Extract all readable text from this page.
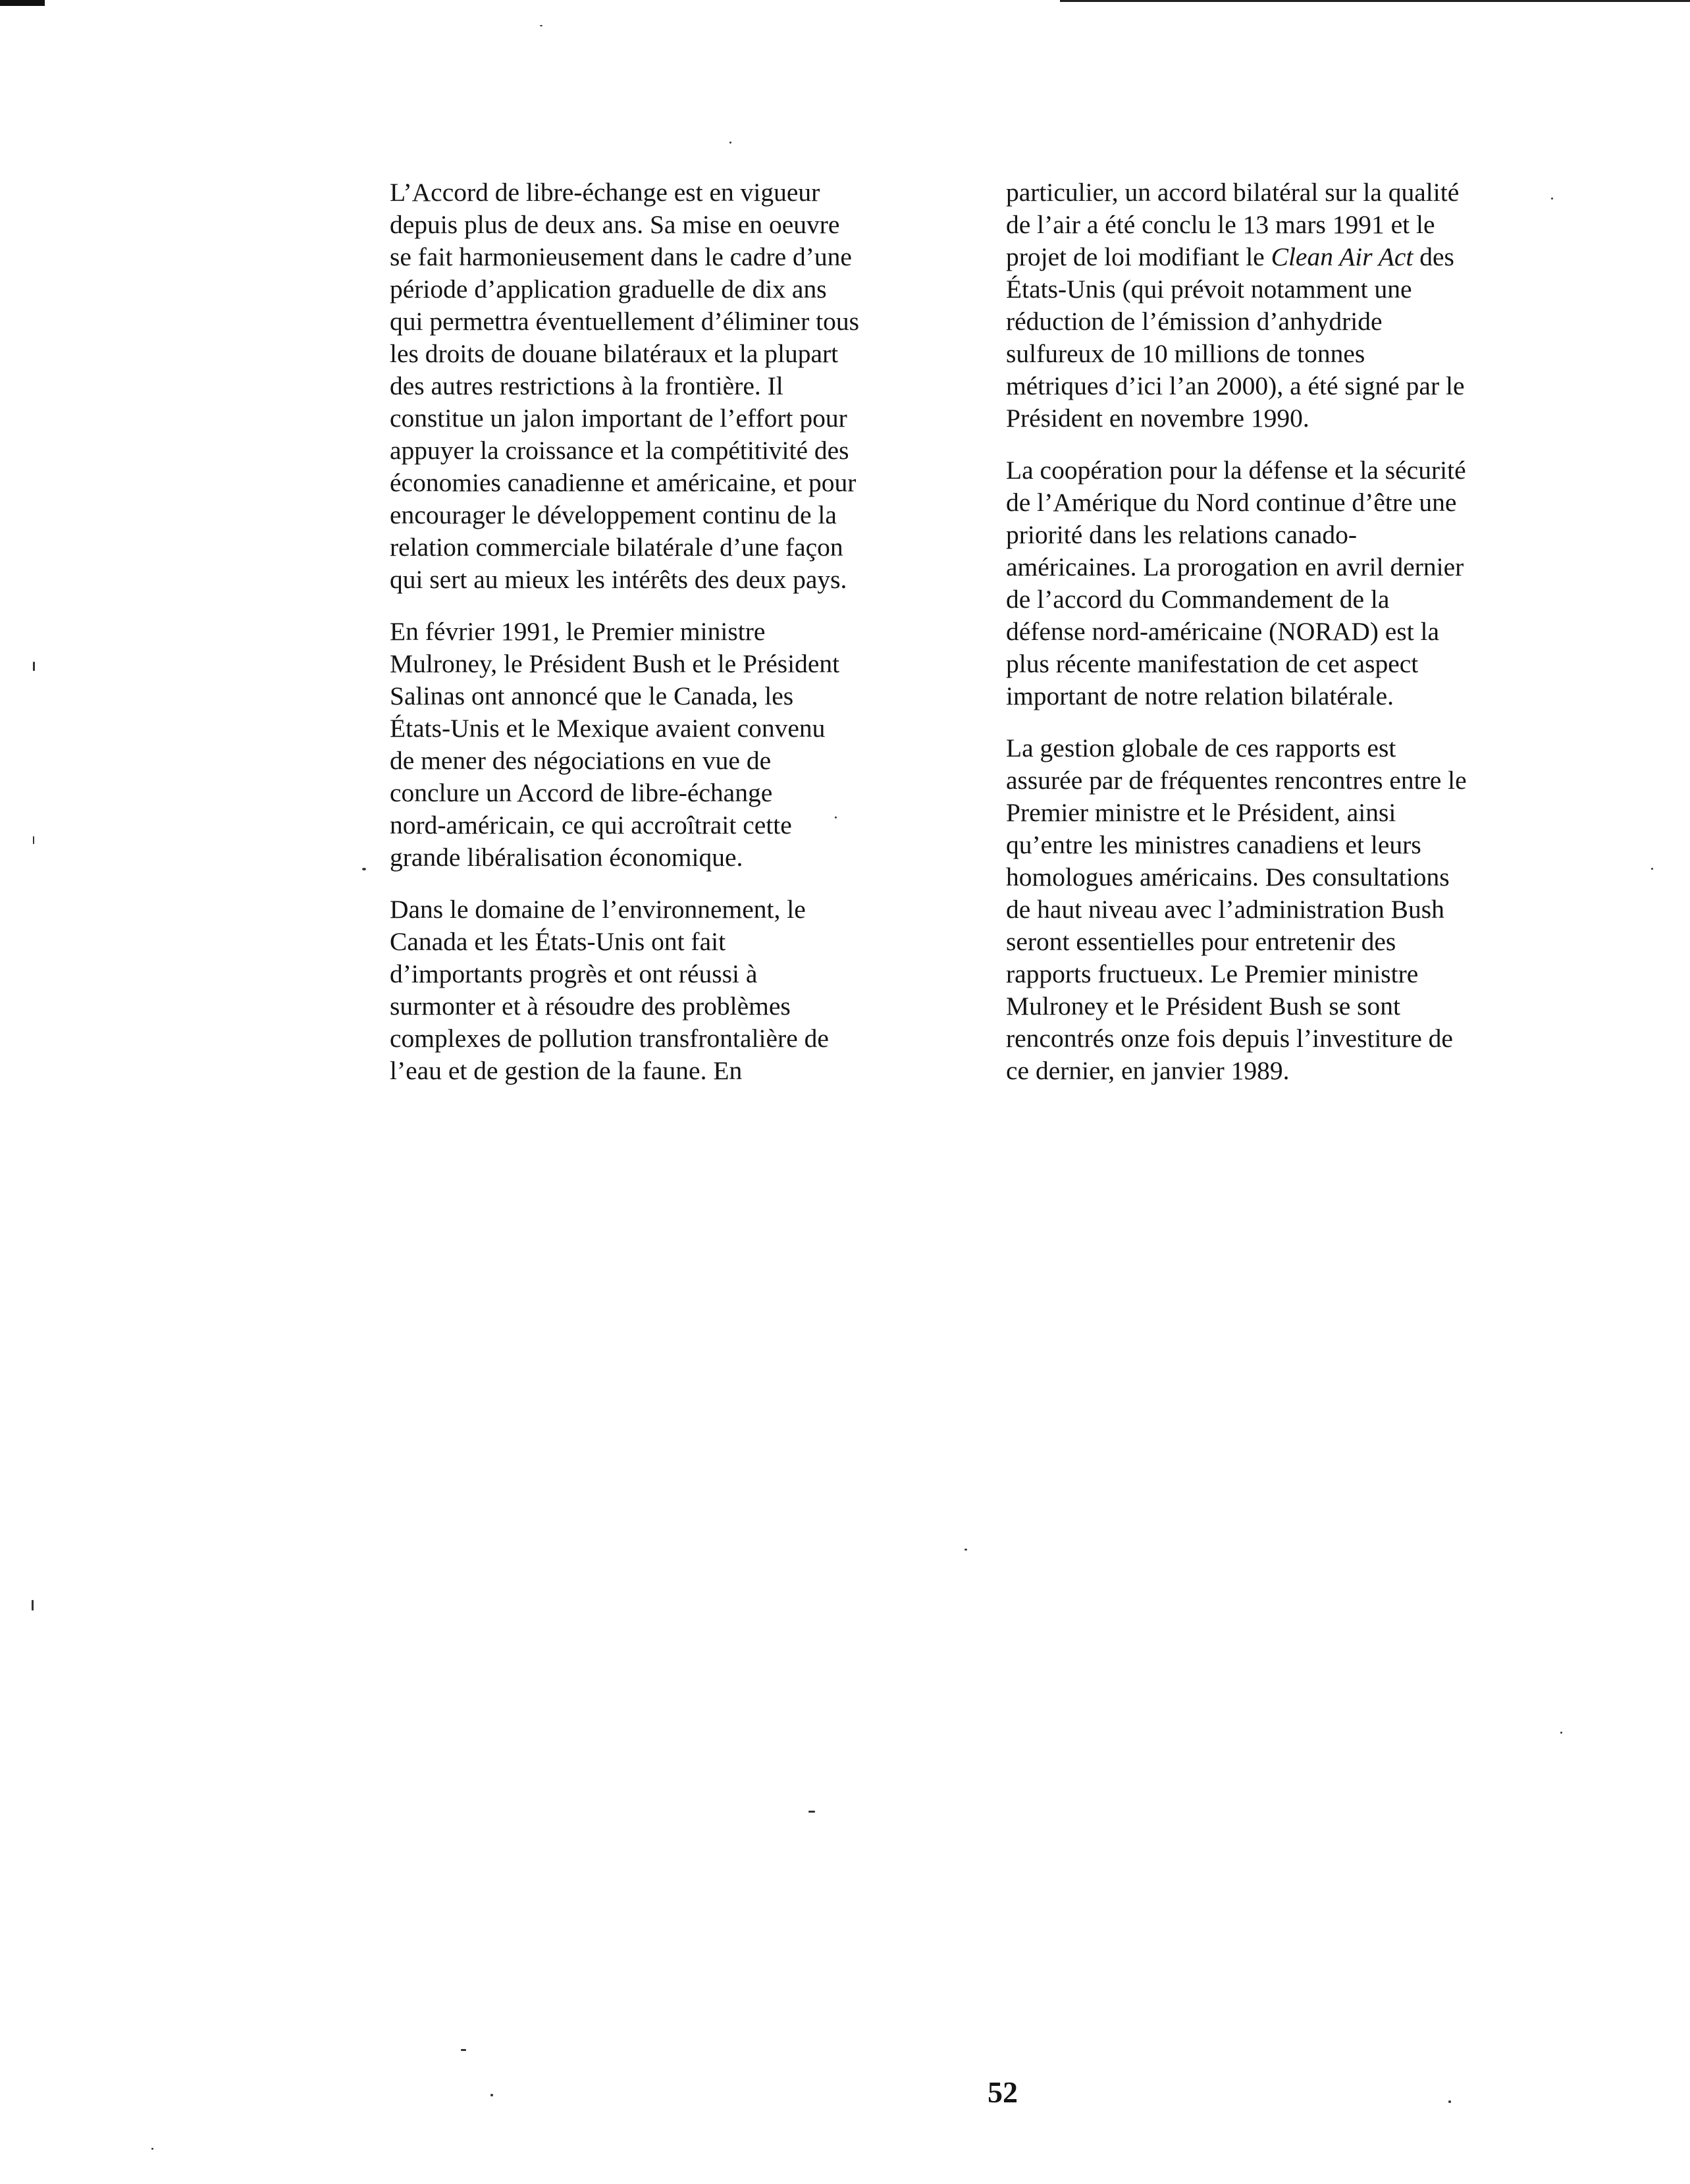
L’Accord de libre-échange est en vigueur
depuis plus de deux ans. Sa mise en oeuvre
se fait harmonieusement dans le cadre d’une
période d’application graduelle de dix ans
qui permettra éventuellement d’éliminer tous
les droits de douane bilatéraux et la plupart
des autres restrictions à la frontière. Il
constitue un jalon important de l’effort pour
appuyer la croissance et la compétitivité des
économies canadienne et américaine, et pour
encourager le développement continu de la
relation commerciale bilatérale d’une façon
qui sert au mieux les intérêts des deux pays.

En février 1991, le Premier ministre
Mulroney, le Président Bush et le Président
Salinas ont annoncé que le Canada, les
États-Unis et le Mexique avaient convenu
de mener des négociations en vue de
conclure un Accord de libre-échange
nord-américain, ce qui accroîtrait cette
grande libéralisation économique.

Dans le domaine de l’environnement, le
Canada et les États-Unis ont fait
d’importants progrès et ont réussi à
surmonter et à résoudre des problèmes
complexes de pollution transfrontalière de
l’eau et de gestion de la faune. En

particulier, un accord bilatéral sur la qualité
de l’air a été conclu le 13 mars 1991 et le
projet de loi modifiant le Clean Air Act des
États-Unis (qui prévoit notamment une
réduction de l’émission d’anhydride
sulfureux de 10 millions de tonnes
métriques d’ici l’an 2000), a été signé par le
Président en novembre 1990.

La coopération pour la défense et la sécurité
de l’Amérique du Nord continue d’être une
priorité dans les relations canado-
américaines. La prorogation en avril dernier
de l’accord du Commandement de la
défense nord-américaine (NORAD) est la
plus récente manifestation de cet aspect
important de notre relation bilatérale.

La gestion globale de ces rapports est
assurée par de fréquentes rencontres entre le
Premier ministre et le Président, ainsi
qu’entre les ministres canadiens et leurs
homologues américains. Des consultations
de haut niveau avec l’administration Bush
seront essentielles pour entretenir des
rapports fructueux. Le Premier ministre
Mulroney et le Président Bush se sont
rencontrés onze fois depuis l’investiture de
ce dernier, en janvier 1989.

52
